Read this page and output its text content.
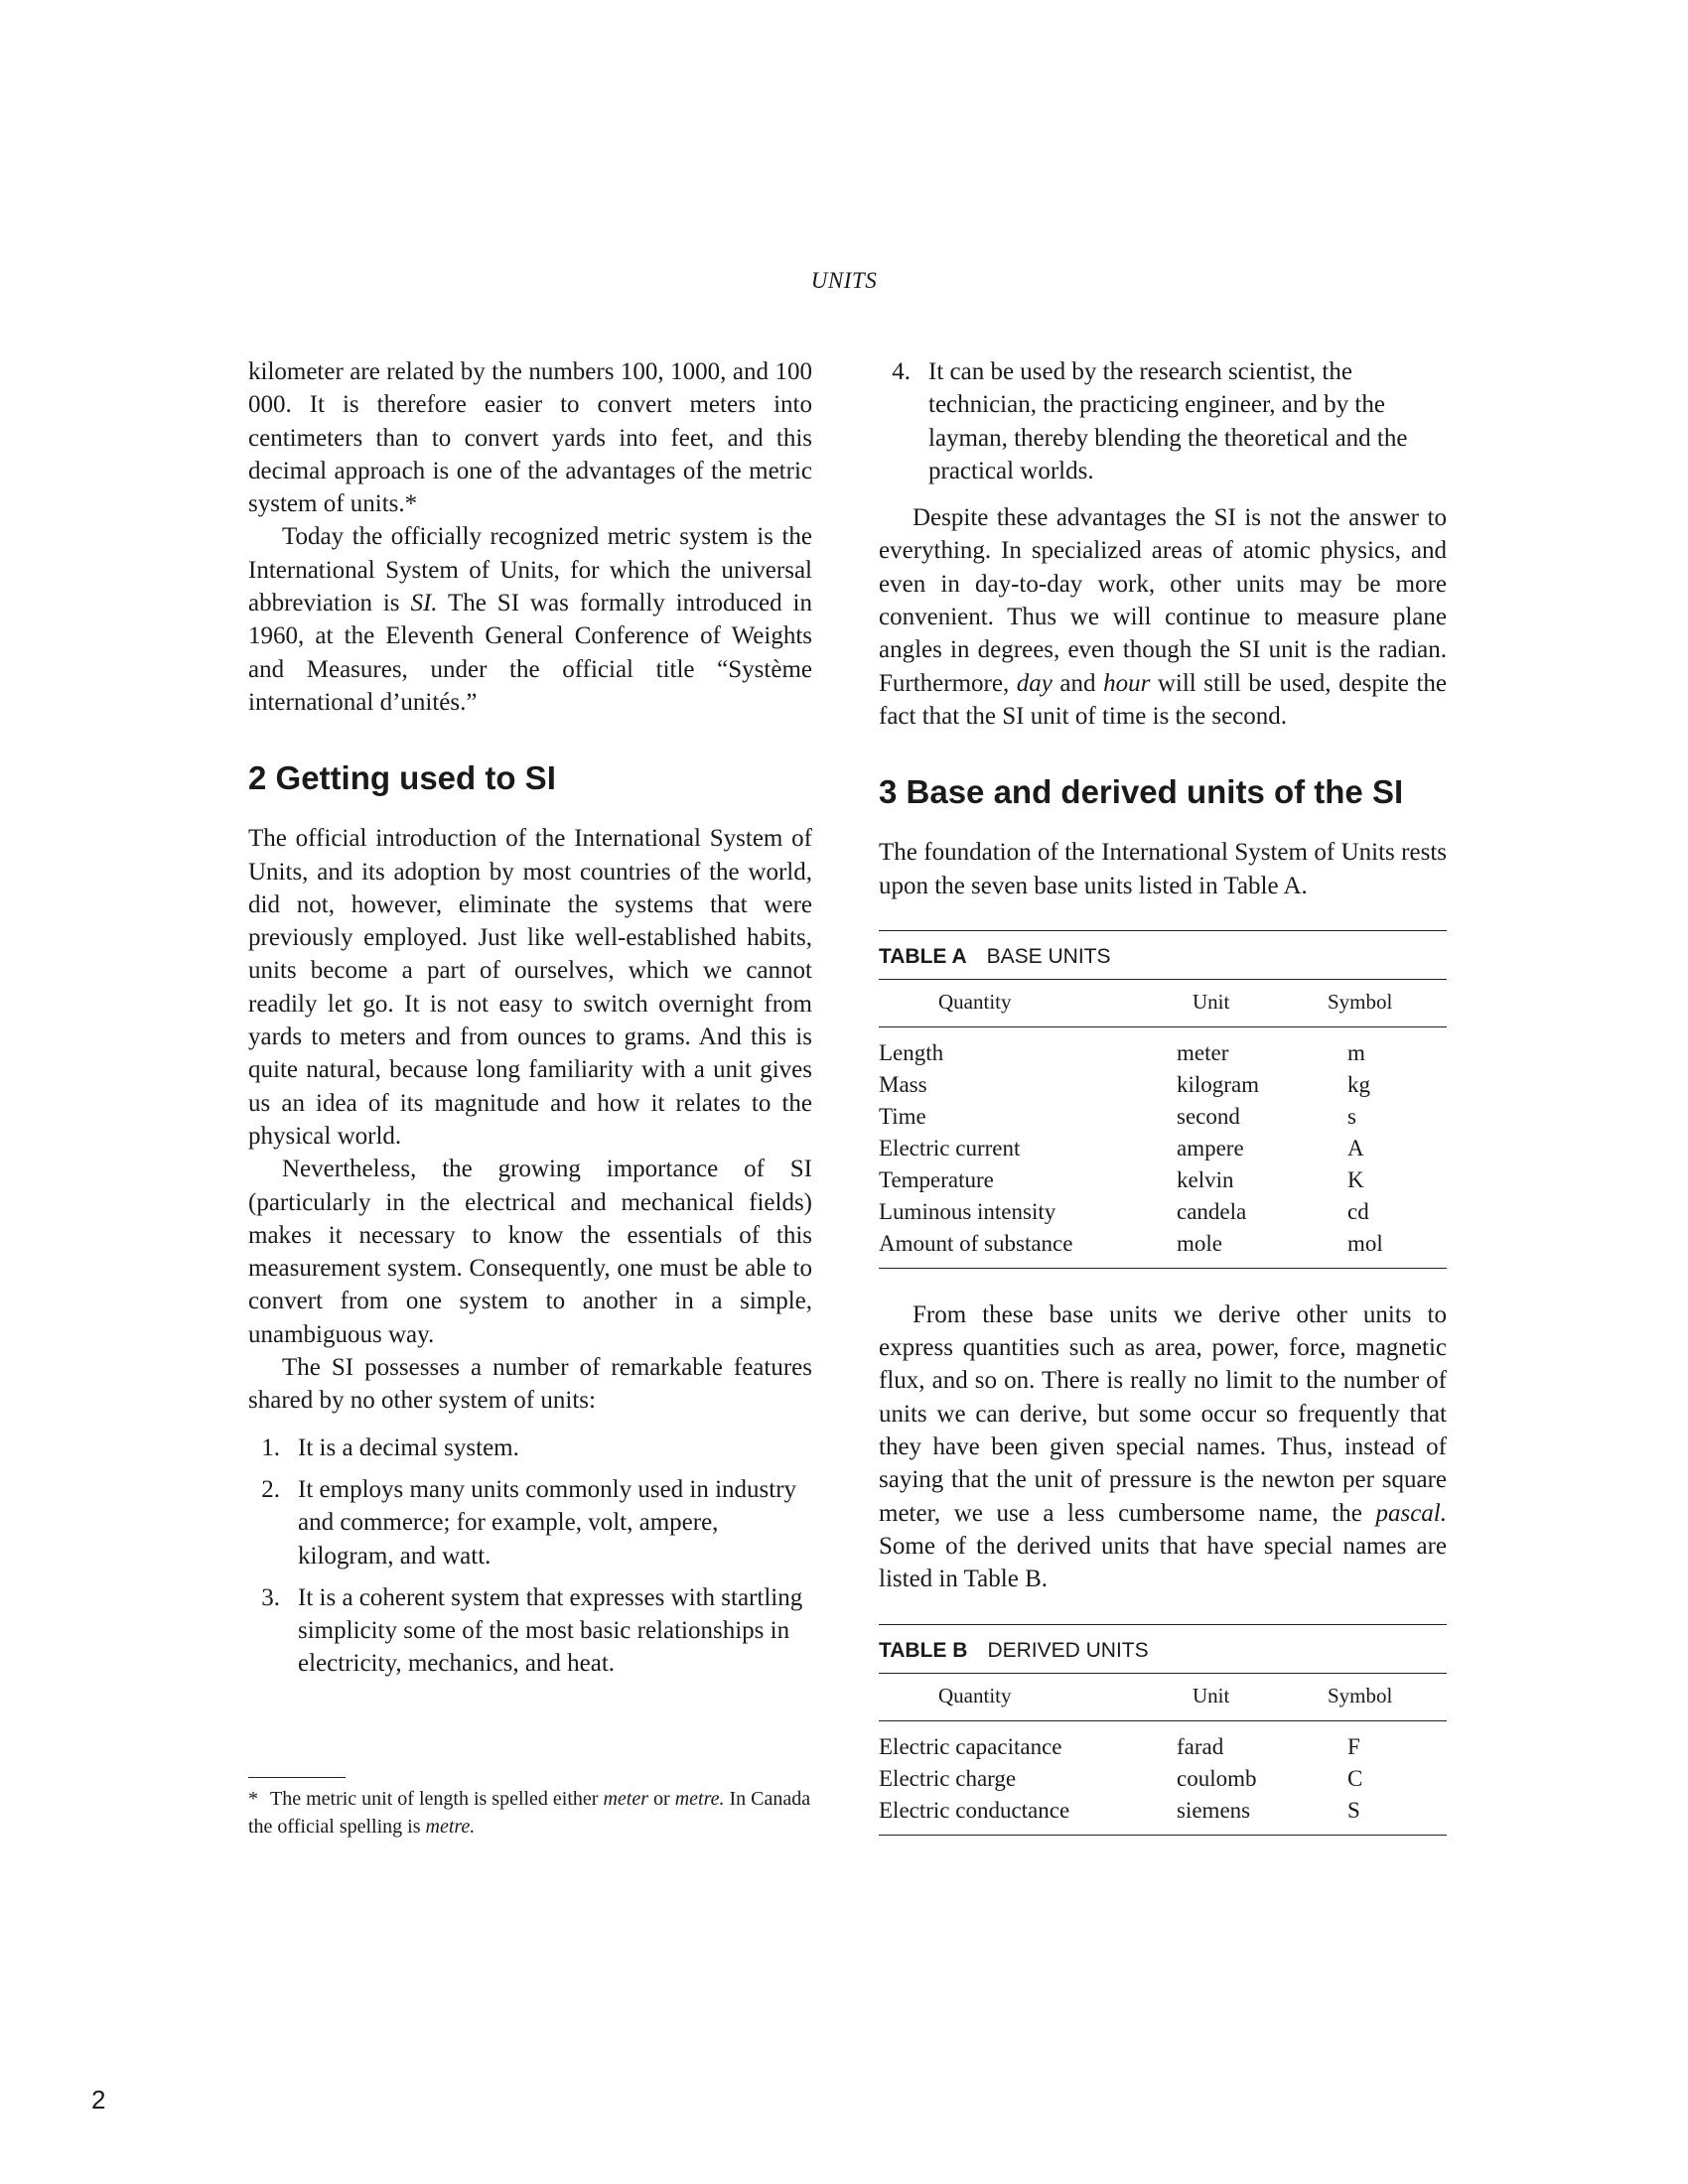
UNITS

kilometer are related by the numbers 100, 1000, and 100 000. It is therefore easier to convert meters into centimeters than to convert yards into feet, and this decimal approach is one of the advantages of the metric system of units.*

Today the officially recognized metric system is the International System of Units, for which the universal abbreviation is SI. The SI was formally introduced in 1960, at the Eleventh General Conference of Weights and Measures, under the official title “Système international d’unités.”

2 Getting used to SI

The official introduction of the International System of Units, and its adoption by most countries of the world, did not, however, eliminate the systems that were previously employed. Just like well-established habits, units become a part of ourselves, which we cannot readily let go. It is not easy to switch overnight from yards to meters and from ounces to grams. And this is quite natural, because long familiarity with a unit gives us an idea of its magnitude and how it relates to the physical world.

Nevertheless, the growing importance of SI (particularly in the electrical and mechanical fields) makes it necessary to know the essentials of this measurement system. Consequently, one must be able to convert from one system to another in a simple, unambiguous way.

The SI possesses a number of remarkable features shared by no other system of units:

1. It is a decimal system.
2. It employs many units commonly used in industry and commerce; for example, volt, ampere, kilogram, and watt.
3. It is a coherent system that expresses with startling simplicity some of the most basic relationships in electricity, mechanics, and heat.
* The metric unit of length is spelled either meter or metre. In Canada the official spelling is metre.
4. It can be used by the research scientist, the technician, the practicing engineer, and by the layman, thereby blending the theoretical and the practical worlds.

Despite these advantages the SI is not the answer to everything. In specialized areas of atomic physics, and even in day-to-day work, other units may be more convenient. Thus we will continue to measure plane angles in degrees, even though the SI unit is the radian. Furthermore, day and hour will still be used, despite the fact that the SI unit of time is the second.

3 Base and derived units of the SI

The foundation of the International System of Units rests upon the seven base units listed in Table A.

TABLE A BASE UNITS
Quantity	Unit	Symbol
Length	meter	m
Mass	kilogram	kg
Time	second	s
Electric current	ampere	A
Temperature	kelvin	K
Luminous intensity	candela	cd
Amount of substance	mole	mol

From these base units we derive other units to express quantities such as area, power, force, magnetic flux, and so on. There is really no limit to the number of units we can derive, but some occur so frequently that they have been given special names. Thus, instead of saying that the unit of pressure is the newton per square meter, we use a less cumbersome name, the pascal. Some of the derived units that have special names are listed in Table B.

TABLE B DERIVED UNITS
Quantity	Unit	Symbol
Electric capacitance	farad	F
Electric charge	coulomb	C
Electric conductance	siemens	S
2
